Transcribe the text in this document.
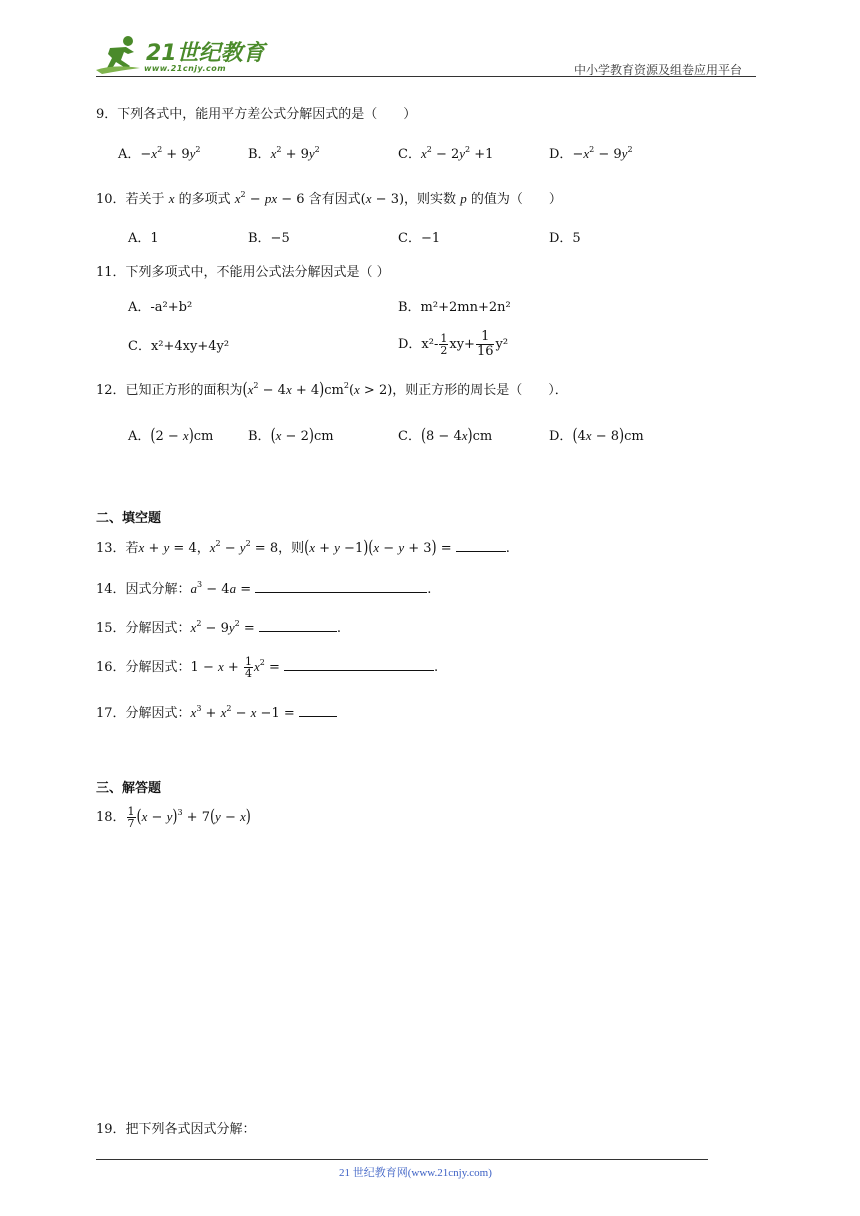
21世纪教育
www.21cnjy.com	中小学教育资源及组卷应用平台
9．下列各式中，能用平方差公式分解因式的是（　　）
A．$-x^2 + 9y^2$	B．$x^2 + 9y^2$	C．$x^2 - 2y^2 +1$	D．$-x^2 - 9y^2$
10．若关于 x 的多项式 $x^2$ − px − 6 含有因式(x − 3)，则实数 p 的值为（　　）
A．1	B．−5	C．−1	D．5
11．下列多项式中，不能用公式法分解因式是（ ）
A．-a²+b²	B．m²+2mn+2n²
C．x²+4xy+4y²	D．$x^2- \frac{1}{2} xy+ \frac{1}{16} y^2$
12．已知正方形的面积为$(x^2 - 4x + 4)cm^2(x > 2)$，则正方形的周长是（　　）．
A．(2 − x)cm	B．(x − 2)cm	C．(8 − 4x)cm	D．(4x − 8)cm
二、填空题
13．若x + y = 4，$x^2 - y^2 = 8$，则(x + y −1)(x − y + 3) =	.
14．因式分解：$a^3 - 4a$ =	.
15．分解因式：$x^2 - 9y^2$ =	.
16．分解因式：$1 - x + \frac{1}{4} x^2$ =	.
17．分解因式：$x^3 + x^2 - x -1$ =
三、解答题
18． $\frac{1}{7} (x - y)^3 + 7(y - x)$
19．把下列各式因式分解：
21 世纪教育网(www.21cnjy.com)
